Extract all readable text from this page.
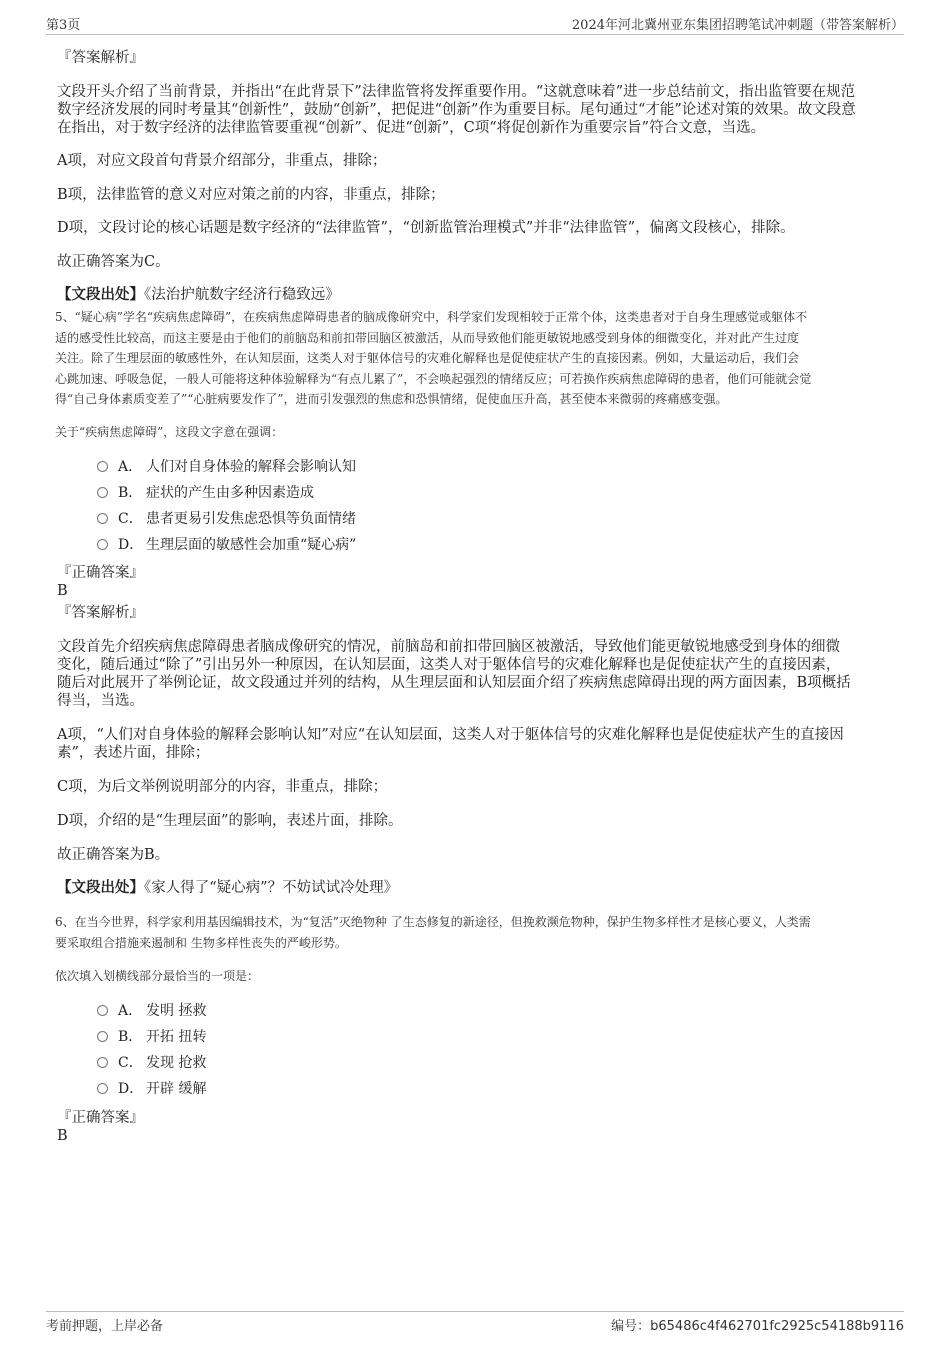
第3页	2024年河北冀州亚东集团招聘笔试冲刺题（带答案解析）
『答案解析』
文段开头介绍了当前背景，并指出“在此背景下”法律监管将发挥重要作用。“这就意味着”进一步总结前文，指出监管要在规范
数字经济发展的同时考量其“创新性”，鼓励“创新”，把促进“创新”作为重要目标。尾句通过“才能”论述对策的效果。故文段意
在指出，对于数字经济的法律监管要重视“创新”、促进“创新”，C项“将促创新作为重要宗旨”符合文意，当选。
A项，对应文段首句背景介绍部分，非重点，排除；
B项，法律监管的意义对应对策之前的内容，非重点，排除；
D项，文段讨论的核心话题是数字经济的“法律监管”，“创新监管治理模式”并非“法律监管”，偏离文段核心，排除。
故正确答案为C。
【文段出处】《法治护航数字经济行稳致远》
5、“疑心病”学名“疾病焦虑障碍”，在疾病焦虑障碍患者的脑成像研究中，科学家们发现相较于正常个体，这类患者对于自身生理感觉或躯体不
适的感受性比较高，而这主要是由于他们的前脑岛和前扣带回脑区被激活，从而导致他们能更敏锐地感受到身体的细微变化，并对此产生过度
关注。除了生理层面的敏感性外，在认知层面，这类人对于躯体信号的灾难化解释也是促使症状产生的直接因素。例如，大量运动后，我们会
心跳加速、呼吸急促，一般人可能将这种体验解释为“有点儿累了”，不会唤起强烈的情绪反应；可若换作疾病焦虑障碍的患者，他们可能就会觉
得“自己身体素质变差了”“心脏病要发作了”，进而引发强烈的焦虑和恐惧情绪，促使血压升高，甚至使本来微弱的疼痛感变强。
关于“疾病焦虑障碍”，这段文字意在强调：
A． 人们对自身体验的解释会影响认知
B． 症状的产生由多种因素造成
C． 患者更易引发焦虑恐惧等负面情绪
D． 生理层面的敏感性会加重“疑心病”
『正确答案』
B
『答案解析』
文段首先介绍疾病焦虑障碍患者脑成像研究的情况，前脑岛和前扣带回脑区被激活，导致他们能更敏锐地感受到身体的细微
变化，随后通过“除了”引出另外一种原因，在认知层面，这类人对于躯体信号的灾难化解释也是促使症状产生的直接因素，
随后对此展开了举例论证，故文段通过并列的结构，从生理层面和认知层面介绍了疾病焦虑障碍出现的两方面因素，B项概括
得当，当选。
A项，“人们对自身体验的解释会影响认知”对应“在认知层面，这类人对于躯体信号的灾难化解释也是促使症状产生的直接因
素”，表述片面，排除；
C项，为后文举例说明部分的内容，非重点，排除；
D项，介绍的是“生理层面”的影响，表述片面，排除。
故正确答案为B。
【文段出处】《家人得了“疑心病”？不妨试试冷处理》
6、在当今世界，科学家利用基因编辑技术，为“复活”灭绝物种 了生态修复的新途径，但挽救濒危物种，保护生物多样性才是核心要义，人类需
要采取组合措施来遏制和 生物多样性丧失的严峻形势。
依次填入划横线部分最恰当的一项是：
A． 发明 拯救
B． 开拓 扭转
C． 发现 抢救
D． 开辟 缓解
『正确答案』
B
考前押题，上岸必备	编号：b65486c4f462701fc2925c54188b9116
